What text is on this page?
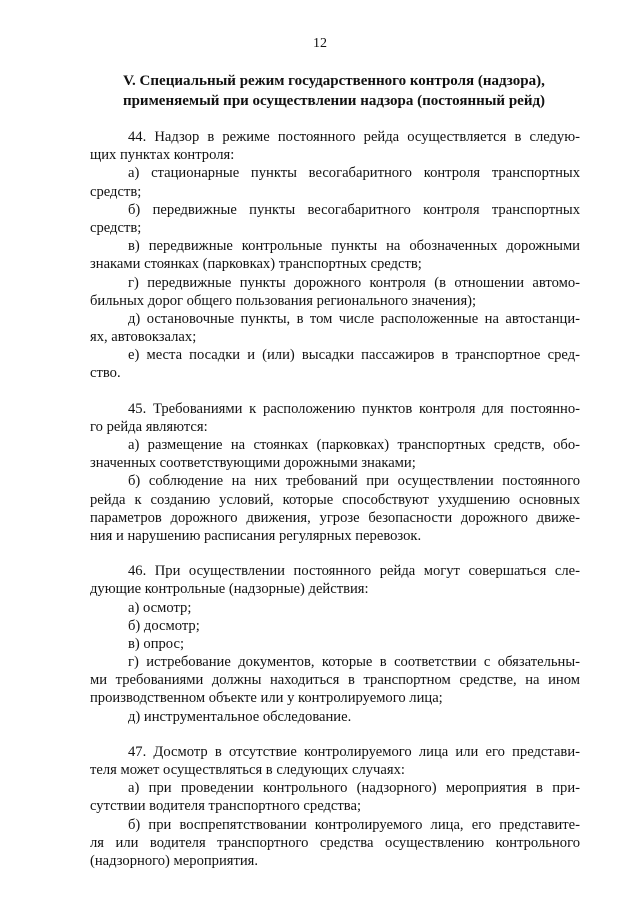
12
V. Специальный режим государственного контроля (надзора),
применяемый при осуществлении надзора (постоянный рейд)
44. Надзор в режиме постоянного рейда осуществляется в следую-
щих пунктах контроля:
а) стационарные пункты весогабаритного контроля транспортных
средств;
б) передвижные пункты весогабаритного контроля транспортных
средств;
в) передвижные контрольные пункты на обозначенных дорожными
знаками стоянках (парковках) транспортных средств;
г) передвижные пункты дорожного контроля (в отношении автомо-
бильных дорог общего пользования регионального значения);
д) остановочные пункты, в том числе расположенные на автостанци-
ях, автовокзалах;
е) места посадки и (или) высадки пассажиров в транспортное сред-
ство.
45. Требованиями к расположению пунктов контроля для постоянно-
го рейда являются:
а) размещение на стоянках (парковках) транспортных средств, обо-
значенных соответствующими дорожными знаками;
б) соблюдение на них требований при осуществлении постоянного
рейда к созданию условий, которые способствуют ухудшению основных
параметров дорожного движения, угрозе безопасности дорожного движе-
ния и нарушению расписания регулярных перевозок.
46. При осуществлении постоянного рейда могут совершаться сле-
дующие контрольные (надзорные) действия:
а) осмотр;
б) досмотр;
в) опрос;
г) истребование документов, которые в соответствии с обязательны-
ми требованиями должны находиться в транспортном средстве, на ином
производственном объекте или у контролируемого лица;
д) инструментальное обследование.
47. Досмотр в отсутствие контролируемого лица или его представи-
теля может осуществляться в следующих случаях:
а) при проведении контрольного (надзорного) мероприятия в при-
сутствии водителя транспортного средства;
б) при воспрепятствовании контролируемого лица, его представите-
ля или водителя транспортного средства осуществлению контрольного
(надзорного) мероприятия.
